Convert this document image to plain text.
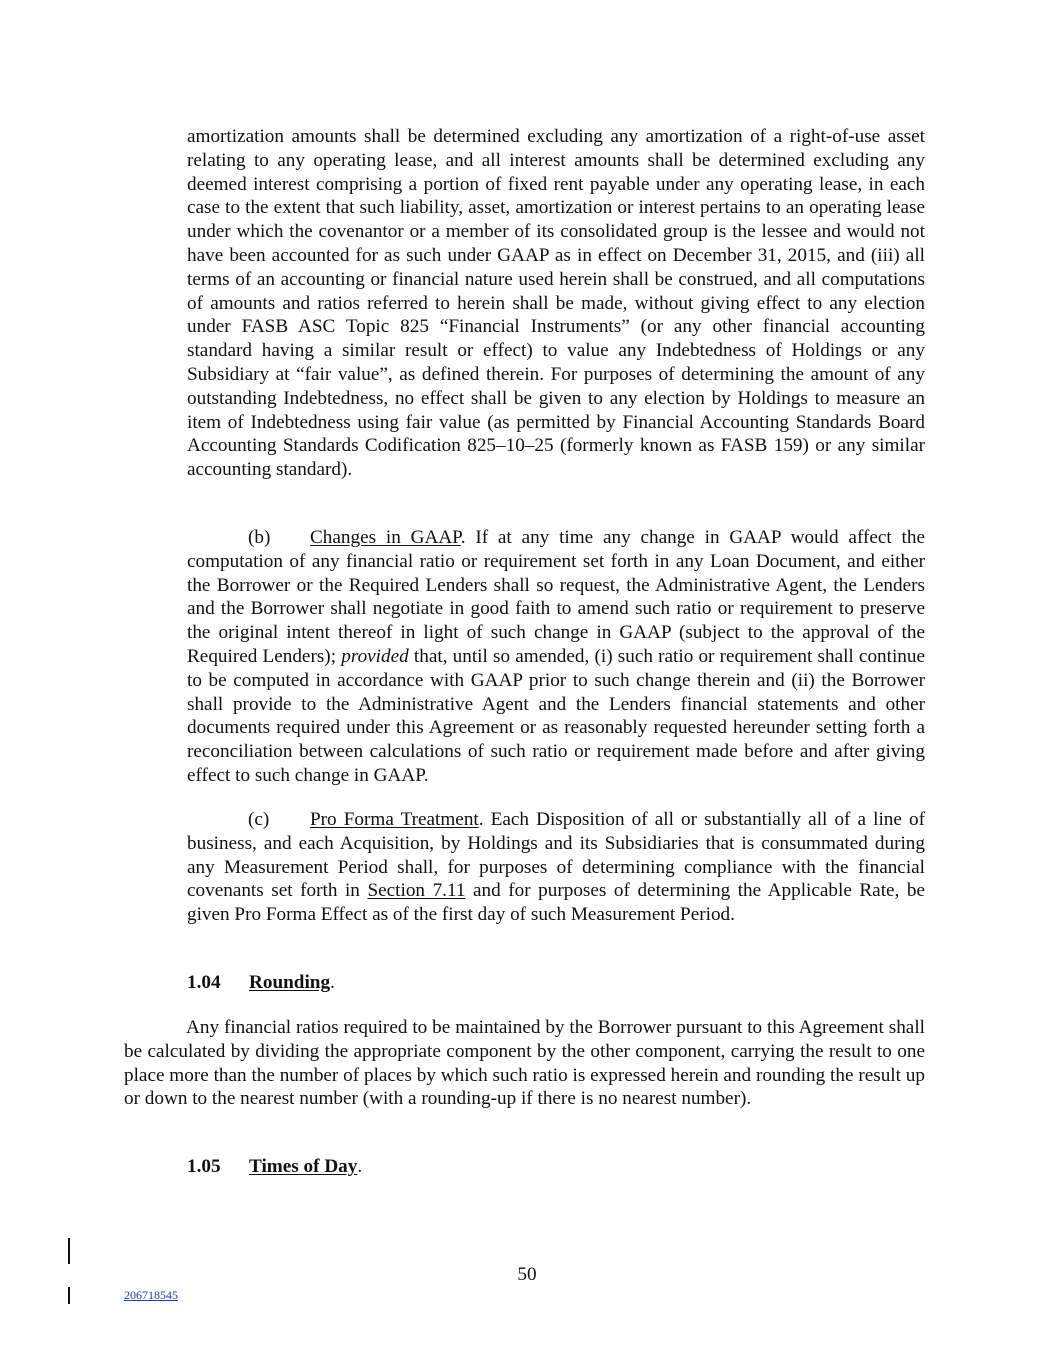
amortization amounts shall be determined excluding any amortization of a right-of-use asset relating to any operating lease, and all interest amounts shall be determined excluding any deemed interest comprising a portion of fixed rent payable under any operating lease, in each case to the extent that such liability, asset, amortization or interest pertains to an operating lease under which the covenantor or a member of its consolidated group is the lessee and would not have been accounted for as such under GAAP as in effect on December 31, 2015, and (iii) all terms of an accounting or financial nature used herein shall be construed, and all computations of amounts and ratios referred to herein shall be made, without giving effect to any election under FASB ASC Topic 825 “Financial Instruments” (or any other financial accounting standard having a similar result or effect) to value any Indebtedness of Holdings or any Subsidiary at “fair value”, as defined therein. For purposes of determining the amount of any outstanding Indebtedness, no effect shall be given to any election by Holdings to measure an item of Indebtedness using fair value (as permitted by Financial Accounting Standards Board Accounting Standards Codification 825–10–25 (formerly known as FASB 159) or any similar accounting standard).

(b) Changes in GAAP. If at any time any change in GAAP would affect the computation of any financial ratio or requirement set forth in any Loan Document, and either the Borrower or the Required Lenders shall so request, the Administrative Agent, the Lenders and the Borrower shall negotiate in good faith to amend such ratio or requirement to preserve the original intent thereof in light of such change in GAAP (subject to the approval of the Required Lenders); provided that, until so amended, (i) such ratio or requirement shall continue to be computed in accordance with GAAP prior to such change therein and (ii) the Borrower shall provide to the Administrative Agent and the Lenders financial statements and other documents required under this Agreement or as reasonably requested hereunder setting forth a reconciliation between calculations of such ratio or requirement made before and after giving effect to such change in GAAP.

(c) Pro Forma Treatment. Each Disposition of all or substantially all of a line of business, and each Acquisition, by Holdings and its Subsidiaries that is consummated during any Measurement Period shall, for purposes of determining compliance with the financial covenants set forth in Section 7.11 and for purposes of determining the Applicable Rate, be given Pro Forma Effect as of the first day of such Measurement Period.

1.04 Rounding.

Any financial ratios required to be maintained by the Borrower pursuant to this Agreement shall be calculated by dividing the appropriate component by the other component, carrying the result to one place more than the number of places by which such ratio is expressed herein and rounding the result up or down to the nearest number (with a rounding-up if there is no nearest number).

1.05 Times of Day.

50
206718545
